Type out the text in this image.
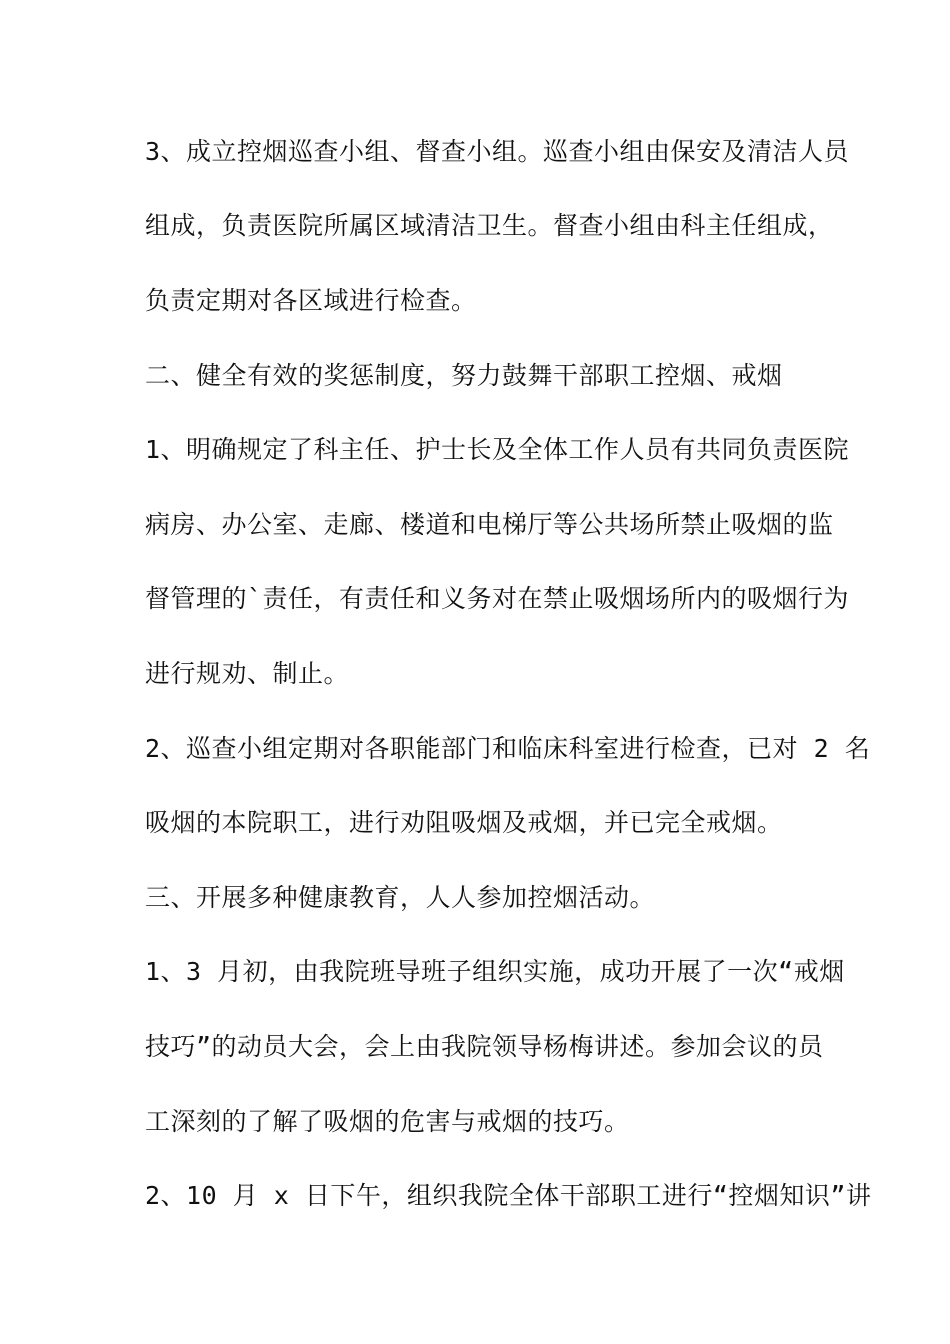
3、成立控烟巡查小组、督查小组。巡查小组由保安及清洁人员
组成，负责医院所属区域清洁卫生。督查小组由科主任组成，
负责定期对各区域进行检查。
二、健全有效的奖惩制度，努力鼓舞干部职工控烟、戒烟
1、明确规定了科主任、护士长及全体工作人员有共同负责医院
病房、办公室、走廊、楼道和电梯厅等公共场所禁止吸烟的监
督管理的`责任，有责任和义务对在禁止吸烟场所内的吸烟行为
进行规劝、制止。
2、巡查小组定期对各职能部门和临床科室进行检查，已对 2 名
吸烟的本院职工，进行劝阻吸烟及戒烟，并已完全戒烟。
三、开展多种健康教育，人人参加控烟活动。
1、3 月初，由我院班导班子组织实施，成功开展了一次“戒烟
技巧”的动员大会，会上由我院领导杨梅讲述。参加会议的员
工深刻的了解了吸烟的危害与戒烟的技巧。
2、10 月 x 日下午，组织我院全体干部职工进行“控烟知识”讲
